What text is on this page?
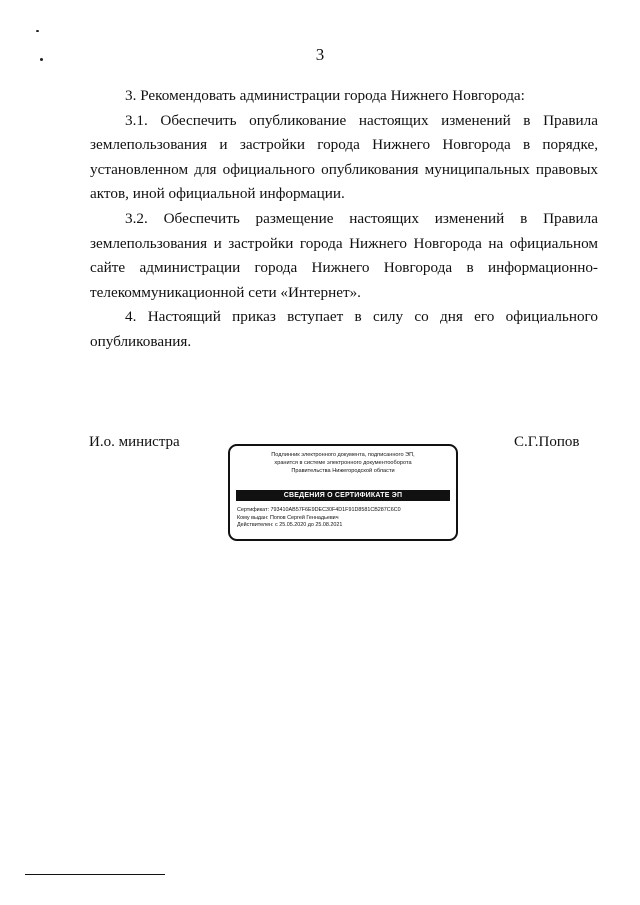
3

3. Рекомендовать администрации города Нижнего Новгорода:

3.1. Обеспечить опубликование настоящих изменений в Правила землепользования и застройки города Нижнего Новгорода в порядке, установленном для официального опубликования муниципальных правовых актов, иной официальной информации.

3.2. Обеспечить размещение настоящих изменений в Правила землепользования и застройки города Нижнего Новгорода на официальном сайте администрации города Нижнего Новгорода в информационно-

телекоммуникационной сети «Интернет».

4. Настоящий приказ вступает в силу со дня его официального опубликования.

И.о. министра	С.Г.Попов
Подлинник электронного документа, подписанного ЭП,
хранится в системе электронного документооборота
Правительства Нижегородской области
СВЕДЕНИЯ О СЕРТИФИКАТЕ ЭП
Сертификат: 793410AB57F6E9DEC30F4D1F91D8581CB287C6C0
Кому выдан: Попов Сергей Геннадьевич
Действителен: с 25.05.2020 до 25.08.2021
